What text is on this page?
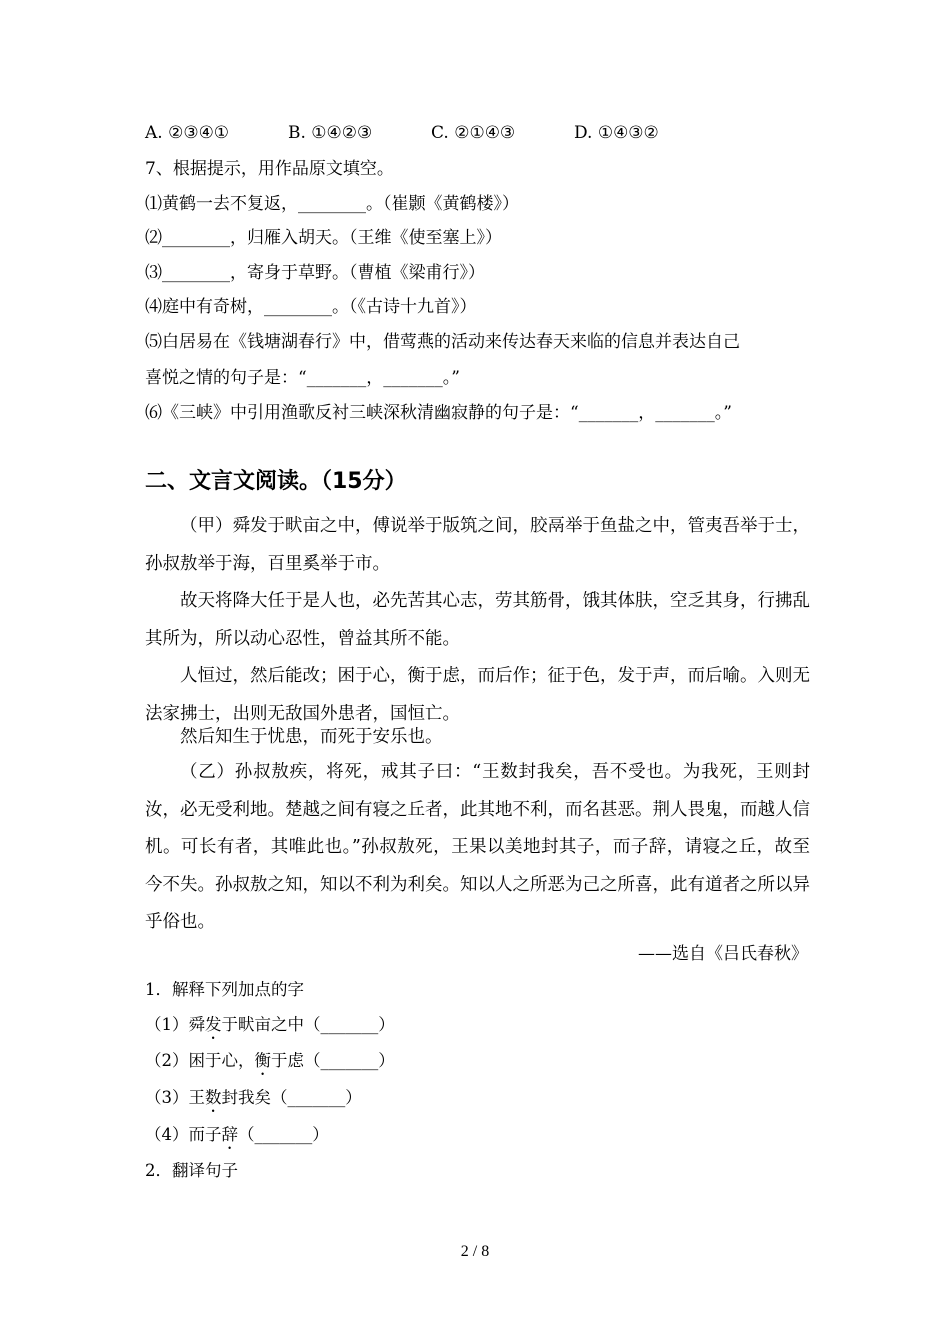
A. ②③④①	B. ①④②③	C. ②①④③	D. ①④③②
7、根据提示，用作品原文填空。
⑴黄鹤一去不复返，________。（崔颢《黄鹤楼》）
⑵________，归雁入胡天。（王维《使至塞上》）
⑶________，寄身于草野。（曹植《梁甫行》）
⑷庭中有奇树，________。（《古诗十九首》）
⑸白居易在《钱塘湖春行》中，借莺燕的活动来传达春天来临的信息并表达自己
喜悦之情的句子是：“_______，_______。”
⑹《三峡》中引用渔歌反衬三峡深秋清幽寂静的句子是：“_______，_______。”
二、文言文阅读。（15分）
（甲）舜发于畎亩之中，傅说举于版筑之间，胶鬲举于鱼盐之中，管夷吾举于士，孙叔敖举于海，百里奚举于市。
故天将降大任于是人也，必先苦其心志，劳其筋骨，饿其体肤，空乏其身，行拂乱其所为，所以动心忍性，曾益其所不能。
人恒过，然后能改；困于心，衡于虑，而后作；征于色，发于声，而后喻。入则无法家拂士，出则无敌国外患者，国恒亡。
然后知生于忧患，而死于安乐也。
（乙）孙叔敖疾，将死，戒其子曰：“王数封我矣，吾不受也。为我死，王则封汝，必无受利地。楚越之间有寝之丘者，此其地不利，而名甚恶。荆人畏鬼，而越人信机。可长有者，其唯此也。”孙叔敖死，王果以美地封其子，而子辞，请寝之丘，故至今不失。孙叔敖之知，知以不利为利矣。知以人之所恶为己之所喜，此有道者之所以异乎俗也。
——选自《吕氏春秋》
1．解释下列加点的字
（1）舜发于畎亩之中（_______）
（2）困于心，衡于虑（_______）
（3）王数封我矣（_______）
（4）而子辞（_______）
2．翻译句子
2 / 8
